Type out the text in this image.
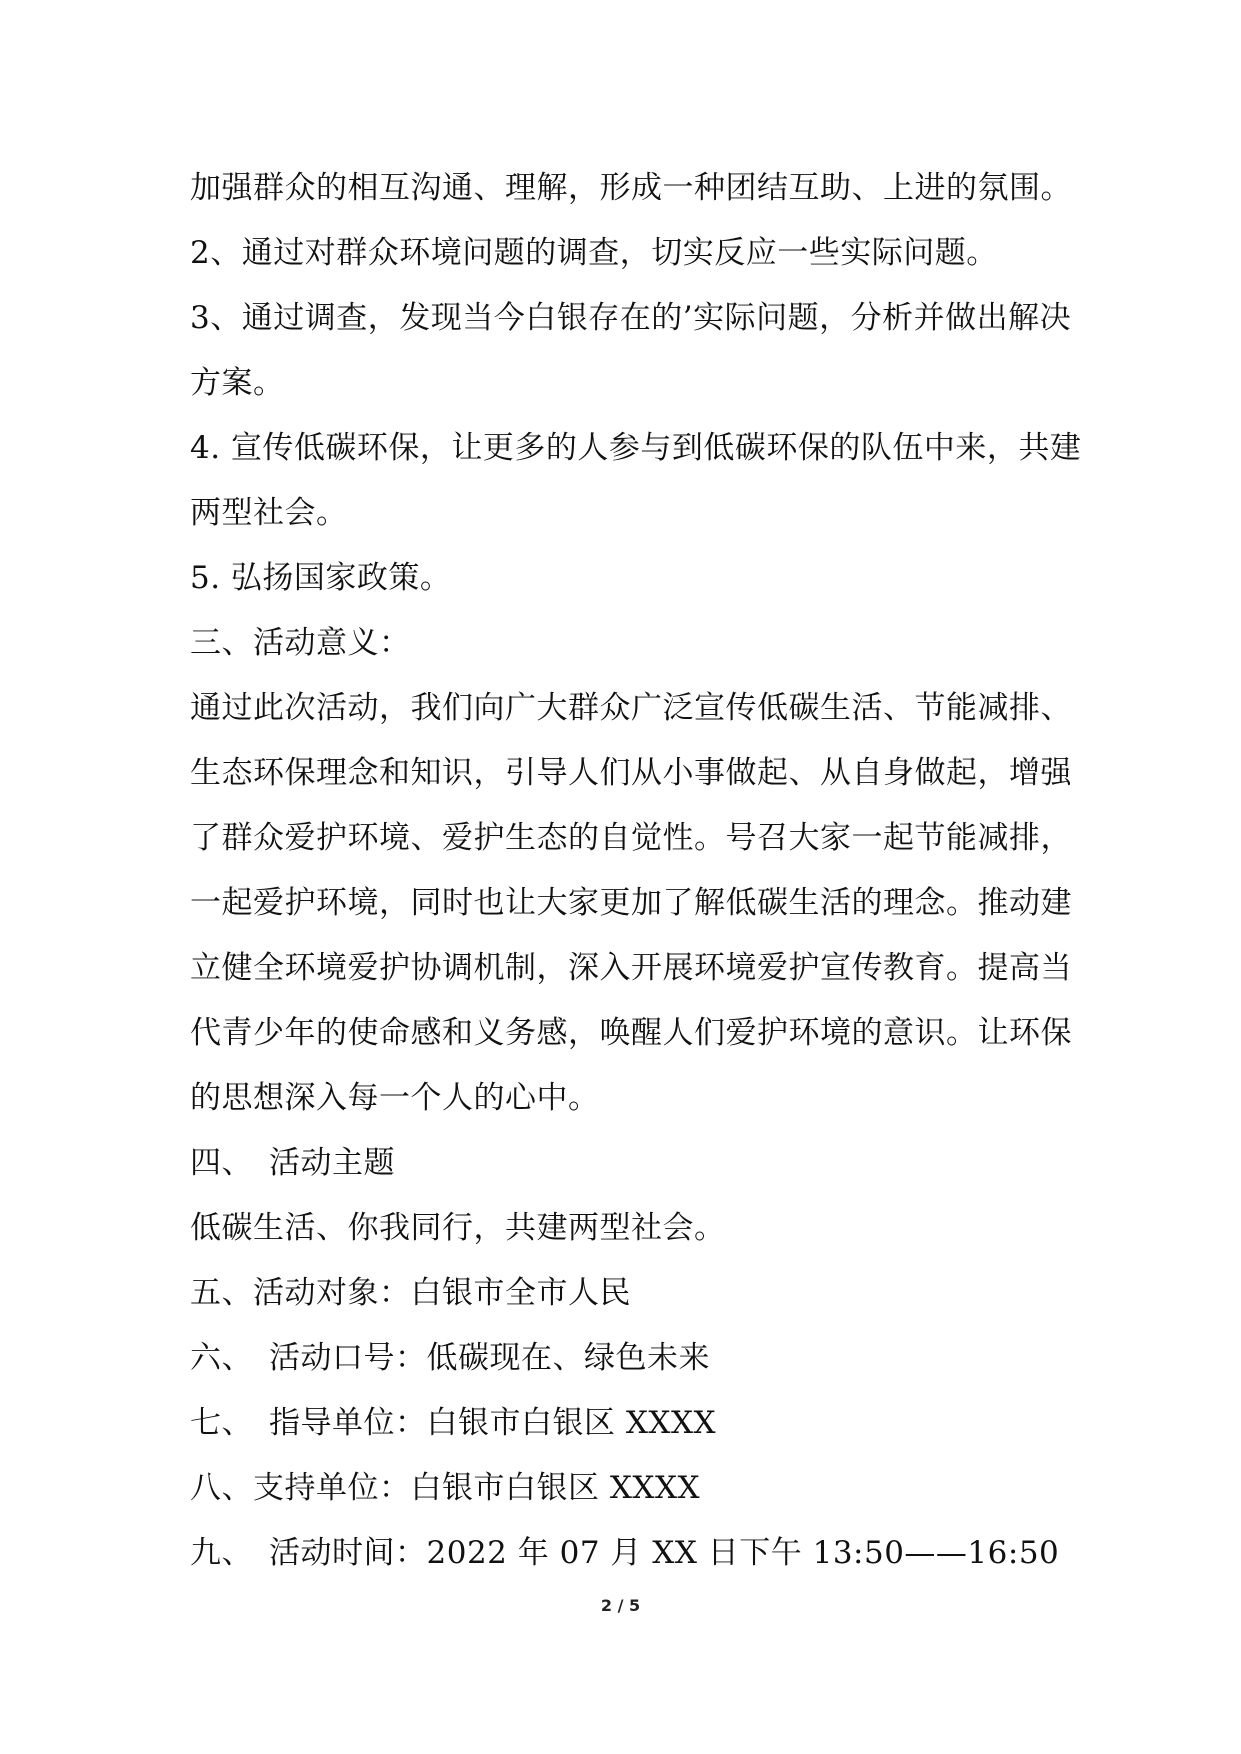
加强群众的相互沟通、理解，形成一种团结互助、上进的氛围。
2、通过对群众环境问题的调查，切实反应一些实际问题。
3、通过调查，发现当今白银存在的’实际问题，分析并做出解决
方案。
4. 宣传低碳环保，让更多的人参与到低碳环保的队伍中来，共建
两型社会。
5. 弘扬国家政策。
三、活动意义：
通过此次活动，我们向广大群众广泛宣传低碳生活、节能减排、
生态环保理念和知识，引导人们从小事做起、从自身做起，增强
了群众爱护环境、爱护生态的自觉性。号召大家一起节能减排，
一起爱护环境，同时也让大家更加了解低碳生活的理念。推动建
立健全环境爱护协调机制，深入开展环境爱护宣传教育。提高当
代青少年的使命感和义务感，唤醒人们爱护环境的意识。让环保
的思想深入每一个人的心中。
四、　活动主题
低碳生活、你我同行，共建两型社会。
五、活动对象：白银市全市人民
六、　活动口号：低碳现在、绿色未来
七、　指导单位：白银市白银区 XXXX
八、支持单位：白银市白银区 XXXX
九、　活动时间：2022 年 07 月 XX 日下午 13:50——16:50
2 / 5
